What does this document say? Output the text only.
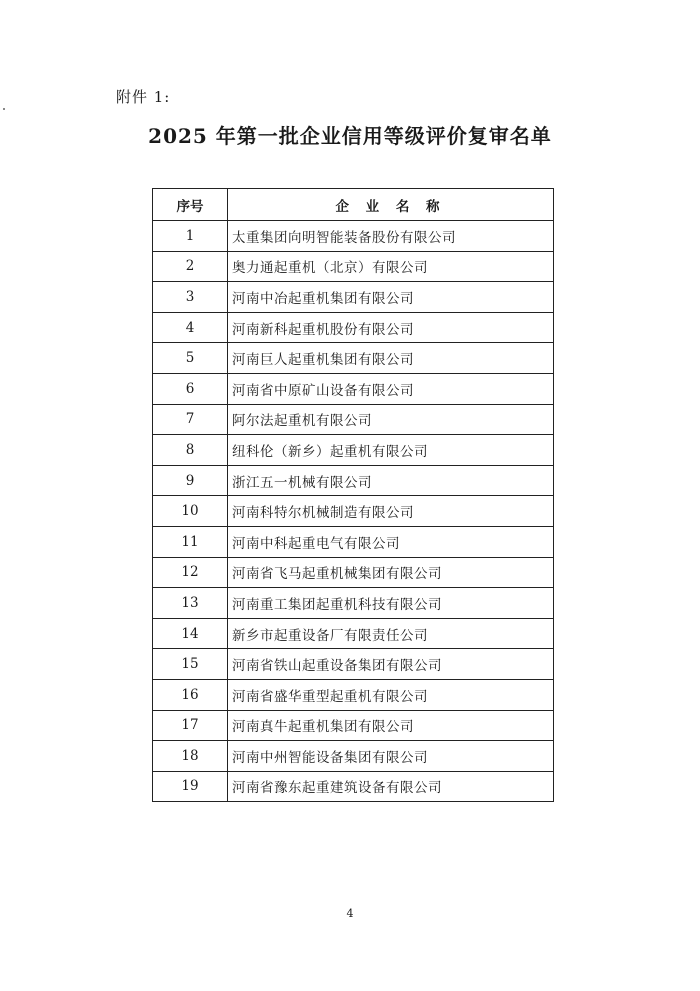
附件 1:
2025 年第一批企业信用等级评价复审名单
序号	企 业 名 称
1	太重集团向明智能装备股份有限公司
2	奥力通起重机（北京）有限公司
3	河南中冶起重机集团有限公司
4	河南新科起重机股份有限公司
5	河南巨人起重机集团有限公司
6	河南省中原矿山设备有限公司
7	阿尔法起重机有限公司
8	纽科伦（新乡）起重机有限公司
9	浙江五一机械有限公司
10	河南科特尔机械制造有限公司
11	河南中科起重电气有限公司
12	河南省飞马起重机械集团有限公司
13	河南重工集团起重机科技有限公司
14	新乡市起重设备厂有限责任公司
15	河南省铁山起重设备集团有限公司
16	河南省盛华重型起重机有限公司
17	河南真牛起重机集团有限公司
18	河南中州智能设备集团有限公司
19	河南省豫东起重建筑设备有限公司
4
